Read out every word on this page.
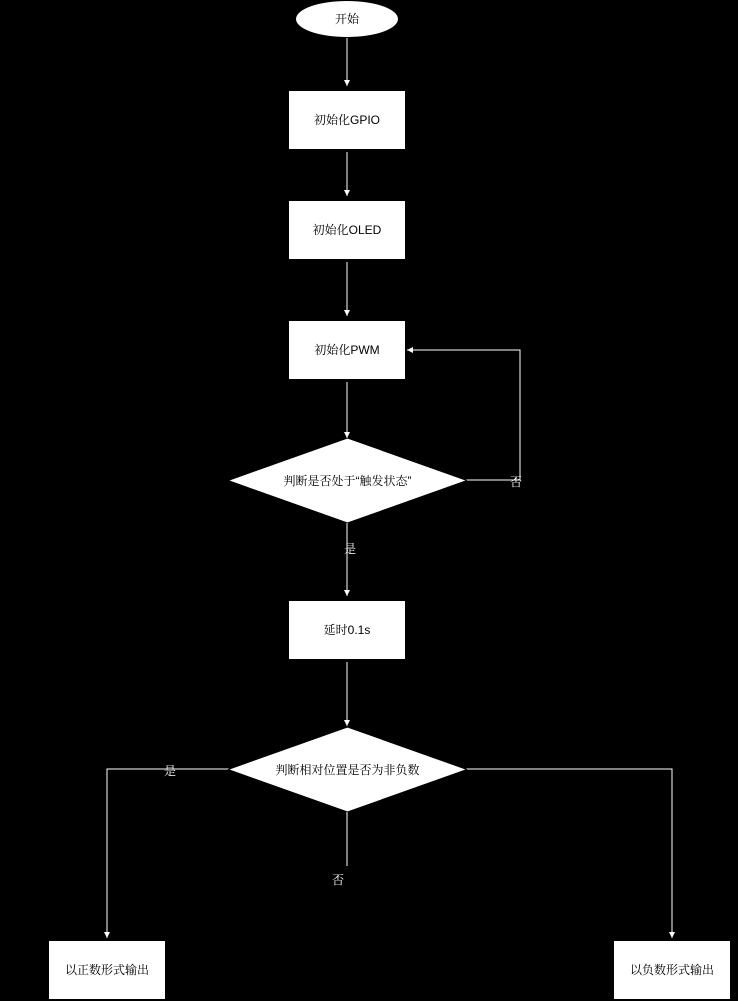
开始
初始化GPIO
初始化OLED
初始化PWM
判断是否处于“触发状态”
延时0.1s
判断相对位置是否为非负数
以正数形式输出	以负数形式输出
否
是
是
否
